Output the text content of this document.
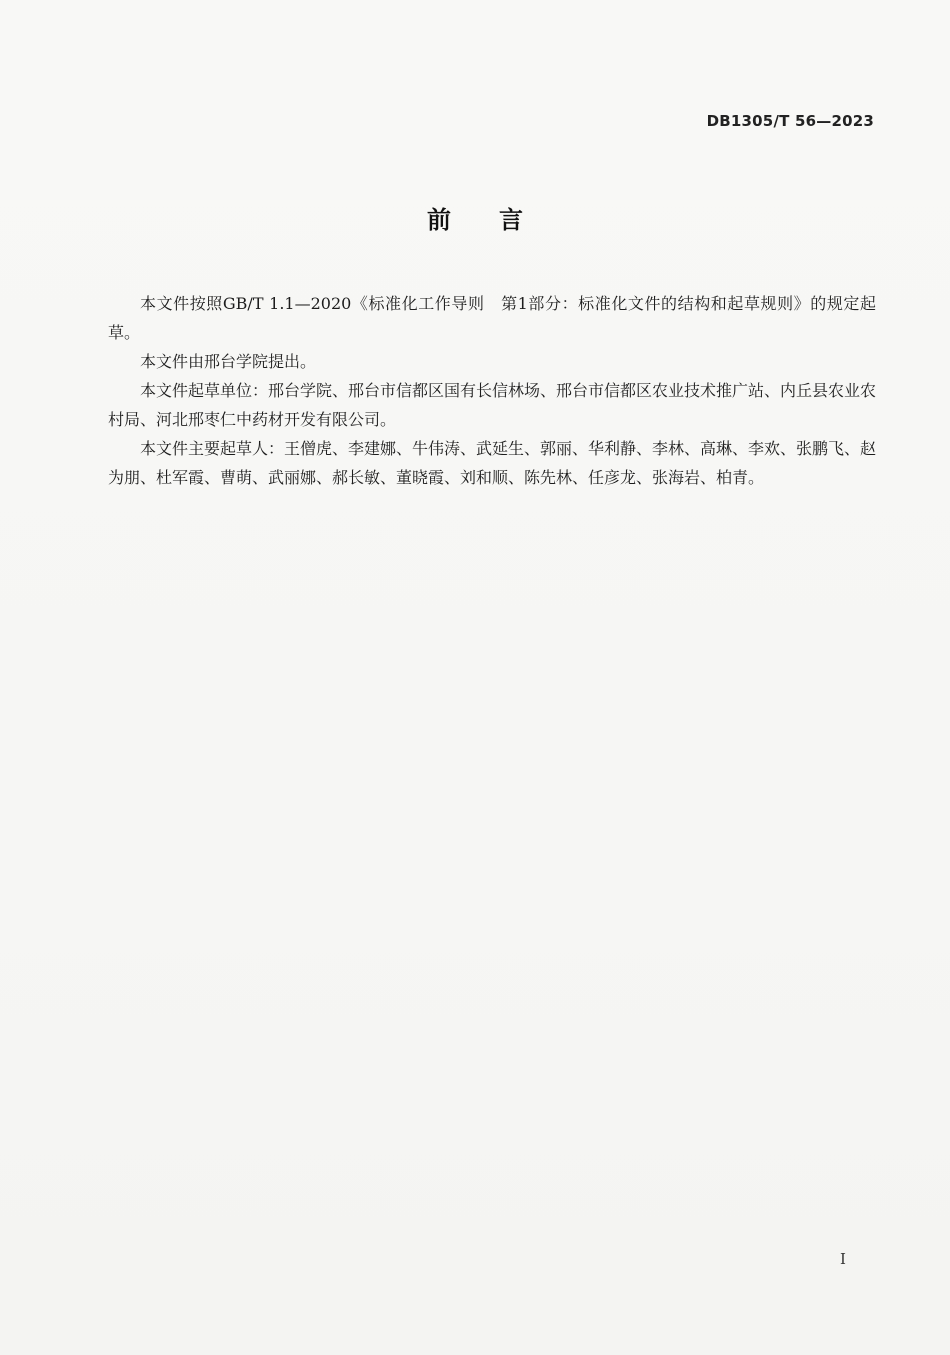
DB1305/T 56—2023
前言

本文件按照GB/T 1.1—2020《标准化工作导则　第1部分：标准化文件的结构和起草规则》的规定起草。

本文件由邢台学院提出。

本文件起草单位：邢台学院、邢台市信都区国有长信林场、邢台市信都区农业技术推广站、内丘县农业农村局、河北邢枣仁中药材开发有限公司。

本文件主要起草人：王僧虎、李建娜、牛伟涛、武延生、郭丽、华利静、李林、高琳、李欢、张鹏飞、赵为朋、杜军霞、曹萌、武丽娜、郝长敏、董晓霞、刘和顺、陈先林、任彦龙、张海岩、柏青。

I
